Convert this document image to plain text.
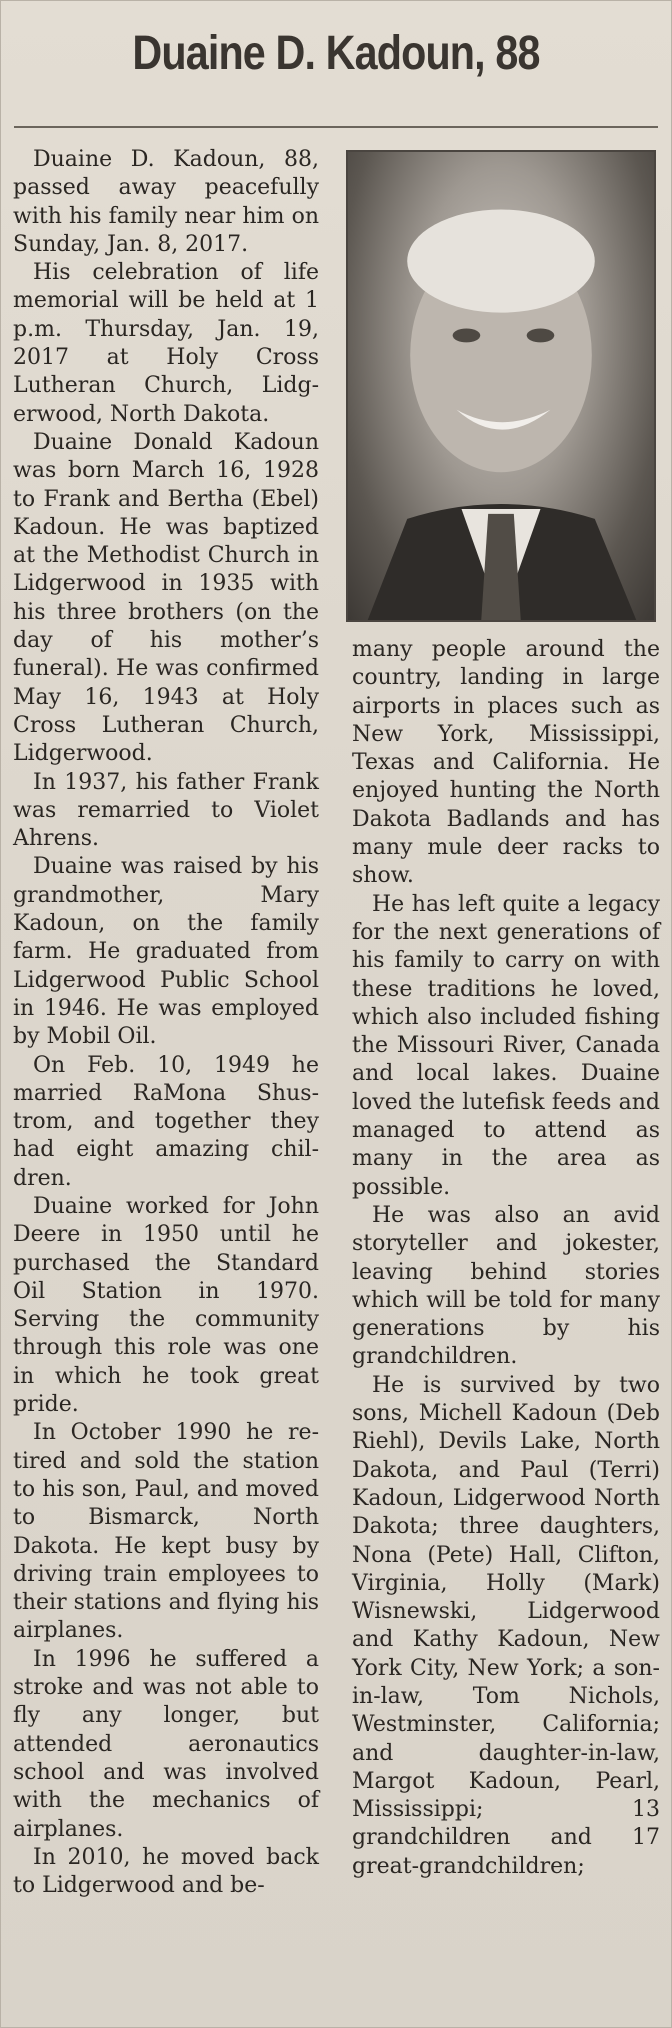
Duaine D. Kadoun, 88

Duaine D. Kadoun, 88, passed away peacefully with his family near him on Sunday, Jan. 8, 2017.

His celebration of life memorial will be held at 1 p.m. Thursday, Jan. 19, 2017 at Holy Cross Lutheran Church, Lidgerwood, North Dakota.

Duaine Donald Kadoun was born March 16, 1928 to Frank and Bertha (Ebel) Kadoun. He was baptized at the Methodist Church in Lidgerwood in 1935 with his three brothers (on the day of his mother’s funeral). He was confirmed May 16, 1943 at Holy Cross Lutheran Church, Lidgerwood.

In 1937, his father Frank was remarried to Violet Ahrens.

Duaine was raised by his grandmother, Mary Kadoun, on the family farm. He graduated from Lidgerwood Public School in 1946. He was employed by Mobil Oil.

On Feb. 10, 1949 he married RaMona Shustrom, and together they had eight amazing children.

Duaine worked for John Deere in 1950 until he purchased the Standard Oil Station in 1970. Serving the community through this role was one in which he took great pride.

In October 1990 he retired and sold the station to his son, Paul, and moved to Bismarck, North Dakota. He kept busy by driving train employees to their stations and flying his airplanes.

In 1996 he suffered a stroke and was not able to fly any longer, but attended aeronautics school and was involved with the mechanics of airplanes.

In 2010, he moved back to Lidgerwood and be-

many people around the country, landing in large airports in places such as New York, Mississippi, Texas and California. He enjoyed hunting the North Dakota Badlands and has many mule deer racks to show.

He has left quite a legacy for the next generations of his family to carry on with these traditions he loved, which also included fishing the Missouri River, Canada and local lakes. Duaine loved the lutefisk feeds and managed to attend as many in the area as possible.

He was also an avid storyteller and jokester, leaving behind stories which will be told for many generations by his grandchildren.

He is survived by two sons, Michell Kadoun (Deb Riehl), Devils Lake, North Dakota, and Paul (Terri) Kadoun, Lidgerwood North Dakota; three daughters, Nona (Pete) Hall, Clifton, Virginia, Holly (Mark) Wisnewski, Lidgerwood and Kathy Kadoun, New York City, New York; a son-in-law, Tom Nichols, Westminster, California; and daughter-in-law, Margot Kadoun, Pearl, Mississippi; 13 grandchildren and 17 great-grandchildren;
